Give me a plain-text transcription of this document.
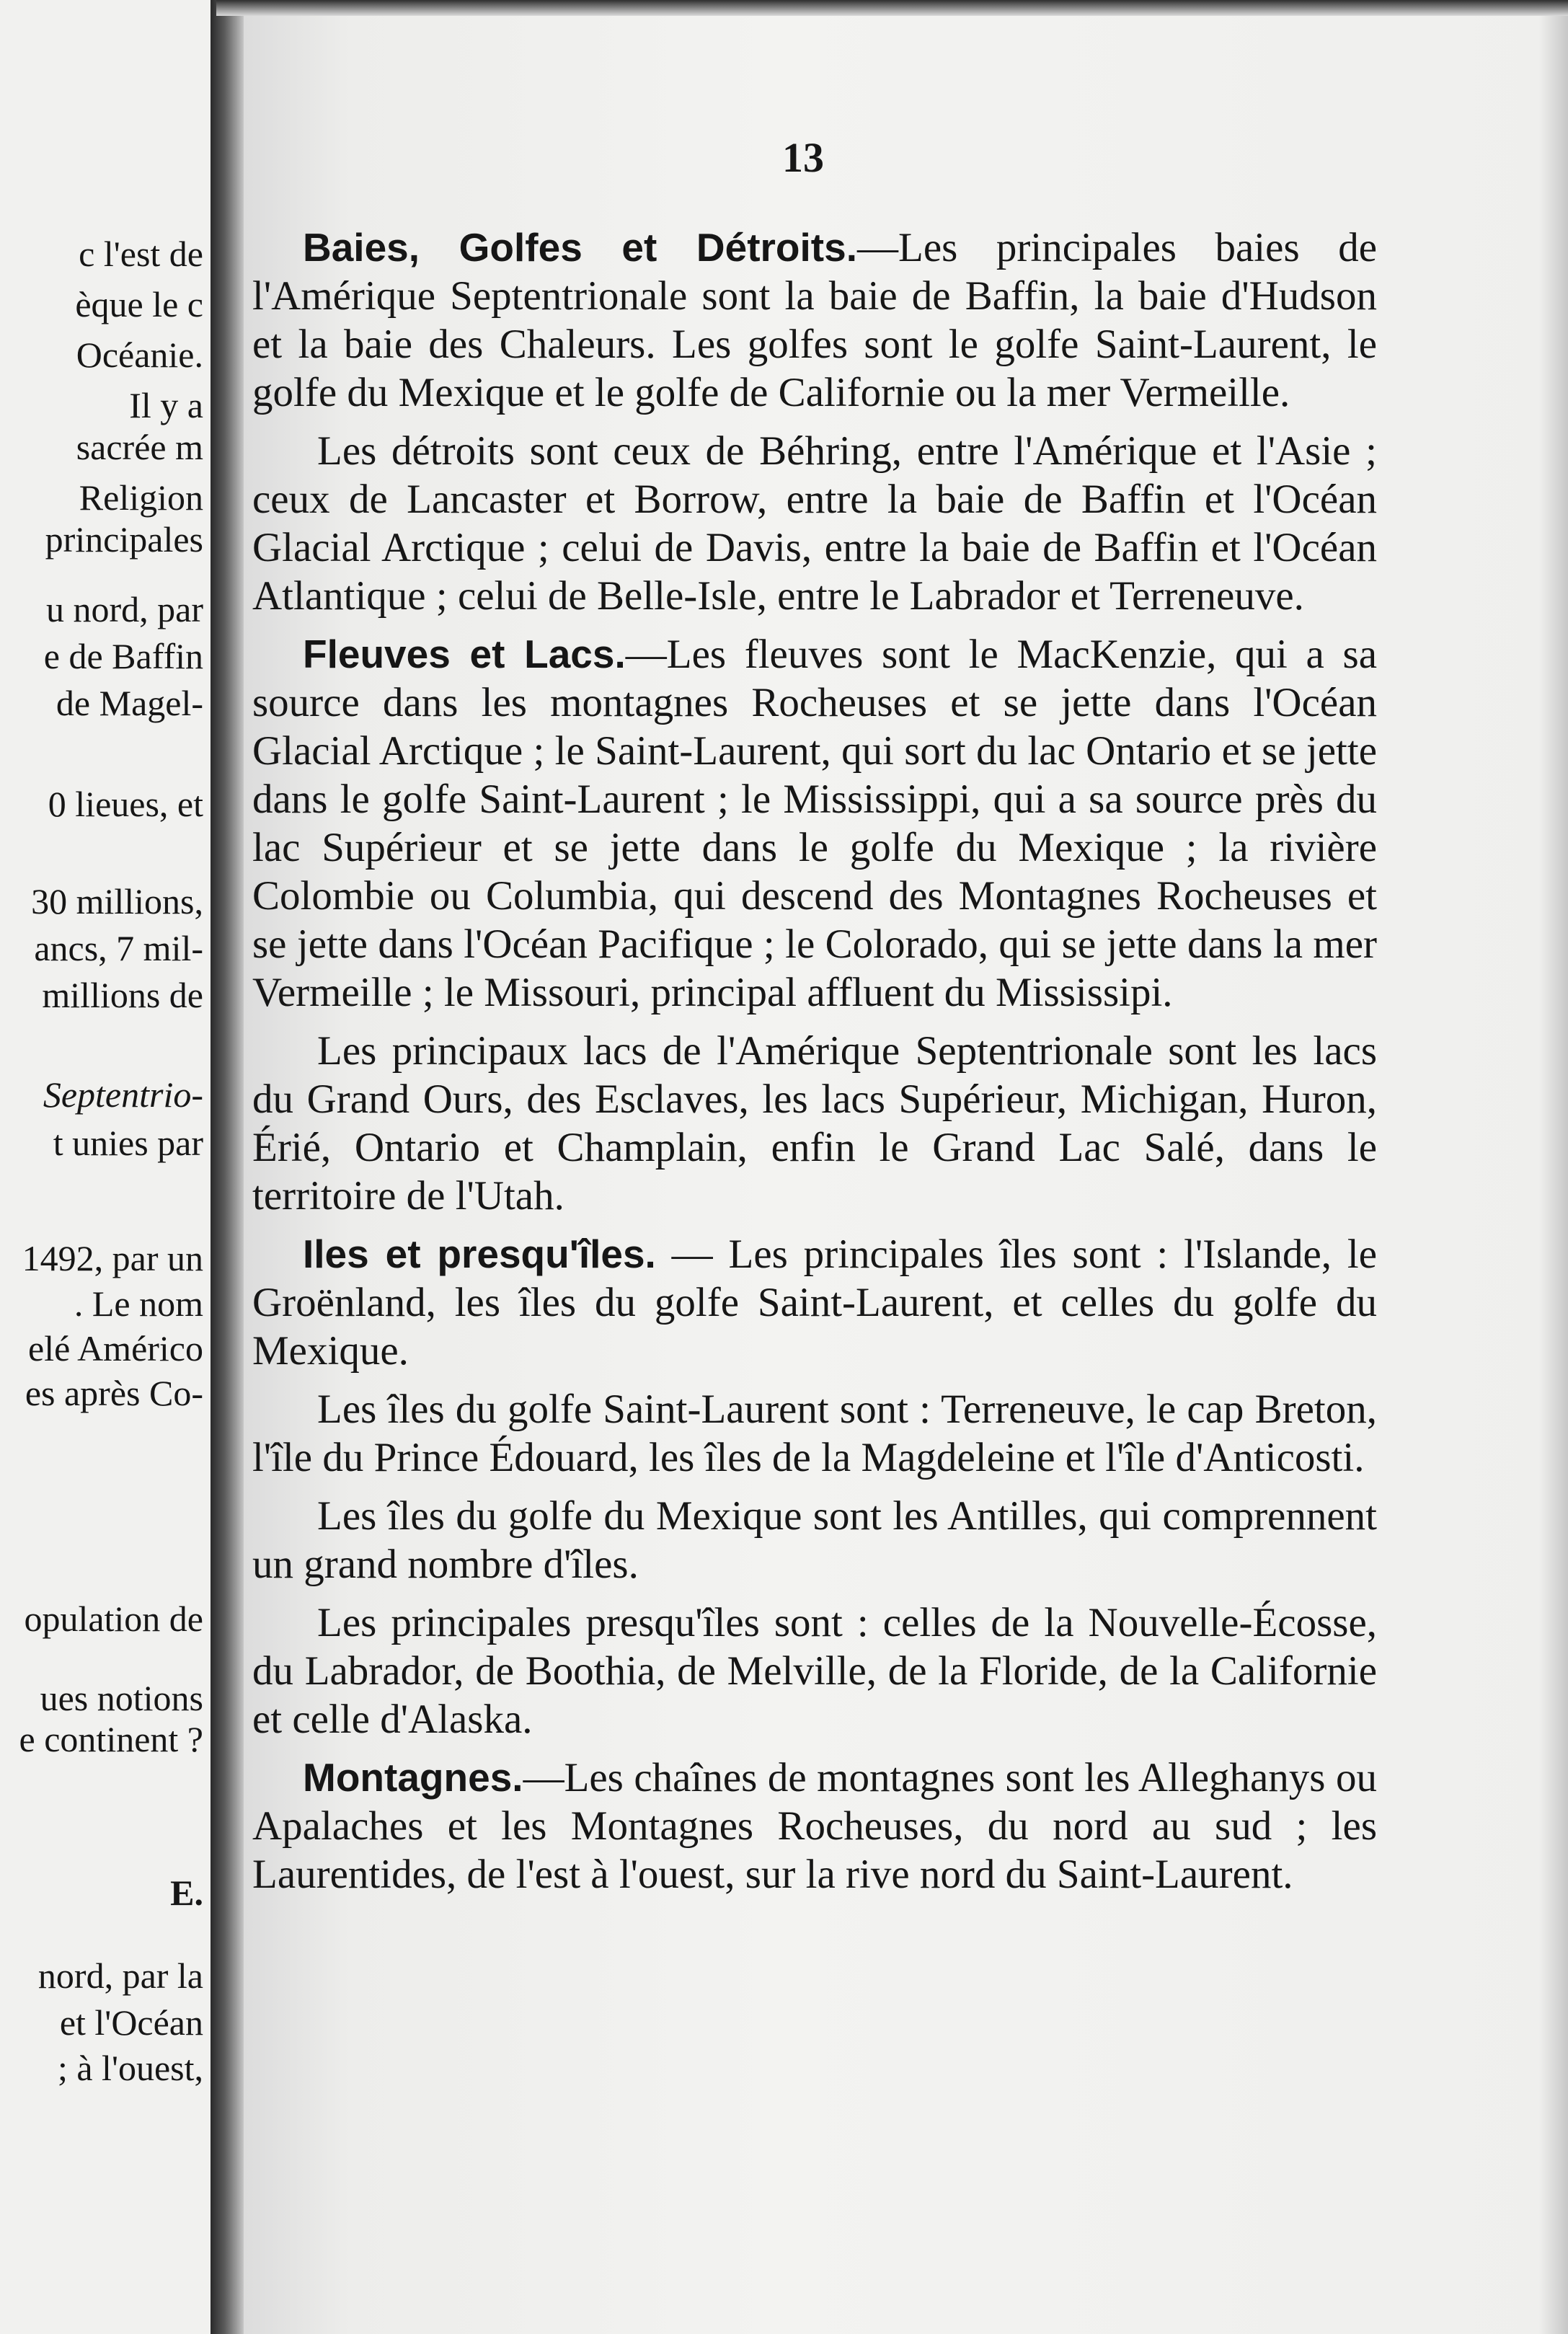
c l'est de
èque le c
Océanie.
Il y a
sacrée m
Religion
principales
u nord, par
e de Baffin
de Magel-
0 lieues, et
30 millions,
ancs, 7 mil-
millions de
Septentrio-
t unies par
1492, par un
. Le nom
elé Américo
es après Co-
opulation de
ues notions
e continent ?
E.
nord, par la
et l'Océan
; à l'ouest,
13

Baies, Golfes et Détroits.—Les principales baies de l'Amérique Septentrionale sont la baie de Baffin, la baie d'Hudson et la baie des Chaleurs. Les golfes sont le golfe Saint-Laurent, le golfe du Mexique et le golfe de Californie ou la mer Vermeille.

Les détroits sont ceux de Béhring, entre l'Amérique et l'Asie ; ceux de Lancaster et Borrow, entre la baie de Baffin et l'Océan Glacial Arctique ; celui de Davis, entre la baie de Baffin et l'Océan Atlantique ; celui de Belle-Isle, entre le Labrador et Terreneuve.

Fleuves et Lacs.—Les fleuves sont le MacKenzie, qui a sa source dans les montagnes Rocheuses et se jette dans l'Océan Glacial Arctique ; le Saint-Laurent, qui sort du lac Ontario et se jette dans le golfe Saint-Laurent ; le Mississippi, qui a sa source près du lac Supérieur et se jette dans le golfe du Mexique ; la rivière Colombie ou Columbia, qui descend des Montagnes Rocheuses et se jette dans l'Océan Pacifique ; le Colorado, qui se jette dans la mer Vermeille ; le Missouri, principal affluent du Mississipi.

Les principaux lacs de l'Amérique Septentrionale sont les lacs du Grand Ours, des Esclaves, les lacs Supérieur, Michigan, Huron, Érié, Ontario et Champlain, enfin le Grand Lac Salé, dans le territoire de l'Utah.

Iles et presqu'îles. — Les principales îles sont : l'Islande, le Groënland, les îles du golfe Saint-Laurent, et celles du golfe du Mexique.

Les îles du golfe Saint-Laurent sont : Terreneuve, le cap Breton, l'île du Prince Édouard, les îles de la Magdeleine et l'île d'Anticosti.

Les îles du golfe du Mexique sont les Antilles, qui comprennent un grand nombre d'îles.

Les principales presqu'îles sont : celles de la Nouvelle-Écosse, du Labrador, de Boothia, de Melville, de la Floride, de la Californie et celle d'Alaska.

Montagnes.—Les chaînes de montagnes sont les Alleghanys ou Apalaches et les Montagnes Rocheuses, du nord au sud ; les Laurentides, de l'est à l'ouest, sur la rive nord du Saint-Laurent.
